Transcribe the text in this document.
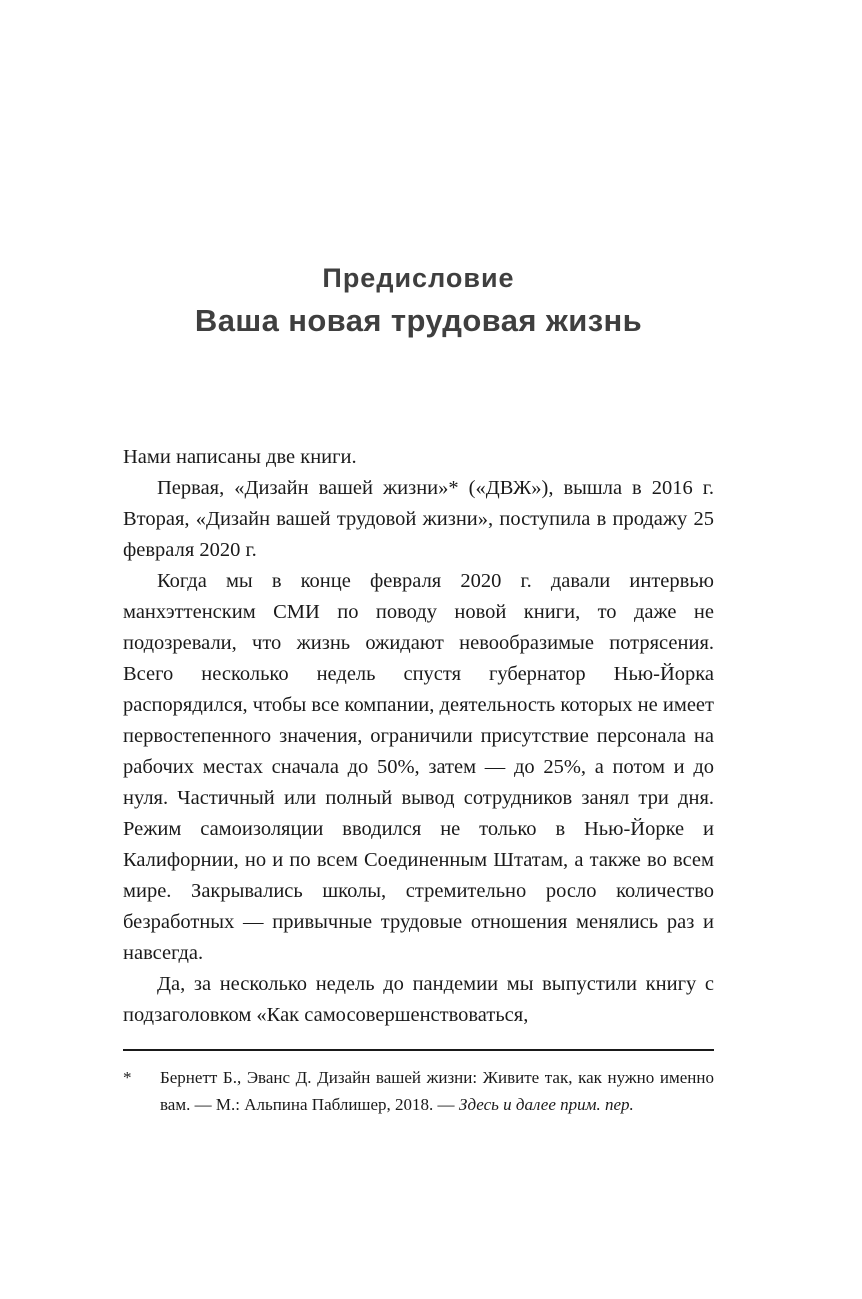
Предисловие
Ваша новая трудовая жизнь

Нами написаны две книги.

Первая, «Дизайн вашей жизни»* («ДВЖ»), вышла в 2016 г. Вторая, «Дизайн вашей трудовой жизни», поступила в продажу 25 февраля 2020 г.

Когда мы в конце февраля 2020 г. давали интервью манхэттенским СМИ по поводу новой книги, то даже не подозревали, что жизнь ожидают невообразимые потрясения. Всего несколько недель спустя губернатор Нью-Йорка распорядился, чтобы все компании, деятельность которых не имеет первостепенного значения, ограничили присутствие персонала на рабочих местах сначала до 50%, затем — до 25%, а потом и до нуля. Частичный или полный вывод сотрудников занял три дня. Режим самоизоляции вводился не только в Нью-Йорке и Калифорнии, но и по всем Соединенным Штатам, а также во всем мире. Закрывались школы, стремительно росло количество безработных — привычные трудовые отношения менялись раз и навсегда.

Да, за несколько недель до пандемии мы выпустили книгу с подзаголовком «Как самосовершенствоваться,

*	Бернетт Б., Эванс Д. Дизайн вашей жизни: Живите так, как нужно именно вам. — М.: Альпина Паблишер, 2018. — Здесь и далее прим. пер.
